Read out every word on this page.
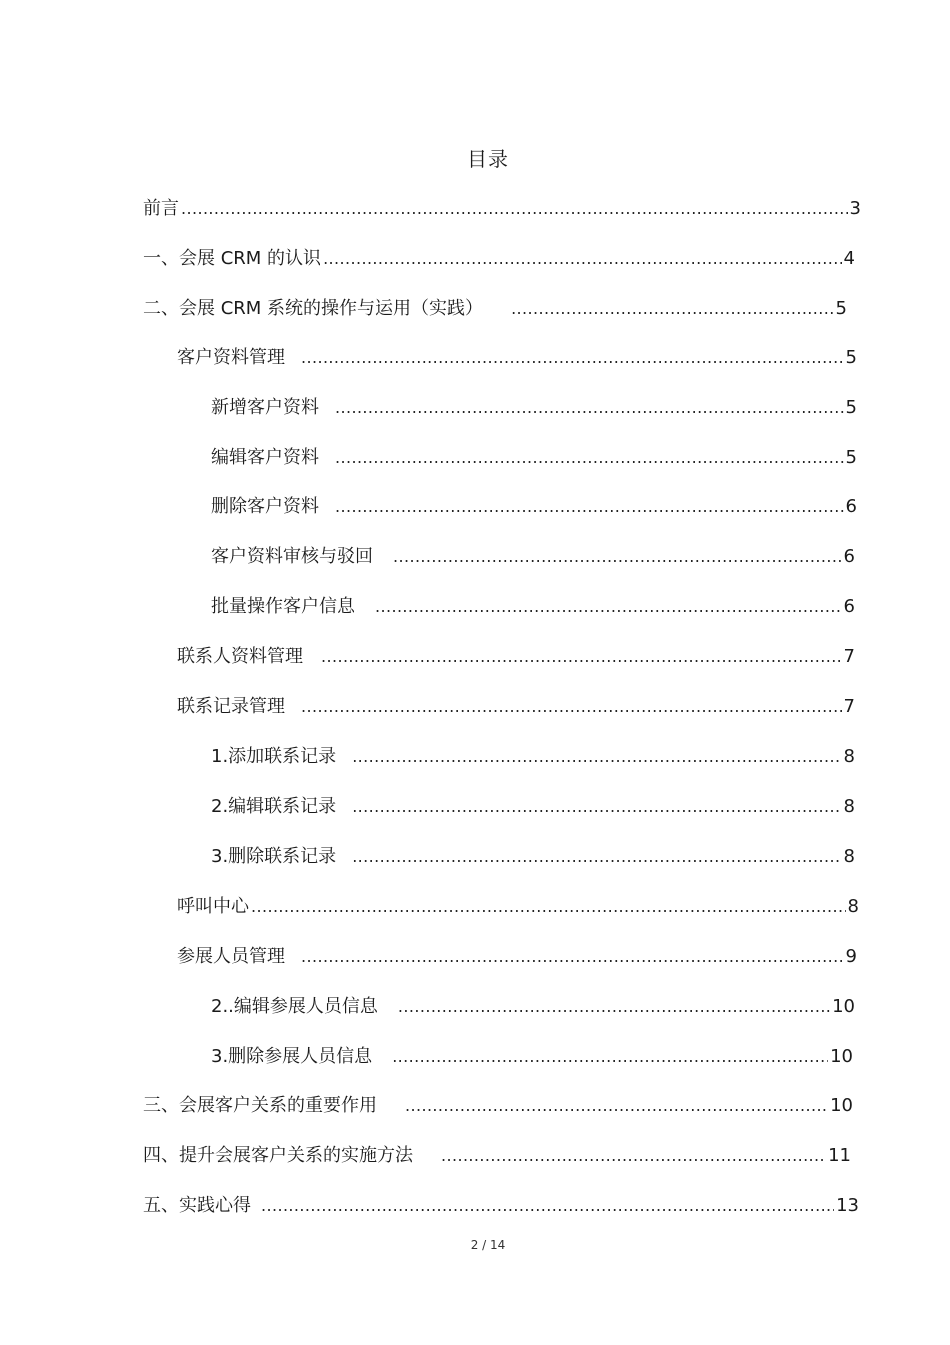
目录
前言 .....	3
一、会展 CRM 的认识 .....	4
二、会展 CRM 系统的操作与运用（实践） .....	5
客户资料管理 .....	5
新增客户资料 .....	5
编辑客户资料 .....	5
删除客户资料 .....	6
客户资料审核与驳回 .....	6
批量操作客户信息 .....	6
联系人资料管理 .....	7
联系记录管理 .....	7
1.添加联系记录 .....	8
2.编辑联系记录 .....	8
3.删除联系记录 .....	8
呼叫中心 .....	8
参展人员管理 .....	9
2..编辑参展人员信息 .....	10
3.删除参展人员信息 .....	10
三、会展客户关系的重要作用 .....	10
四、提升会展客户关系的实施方法 .....	11
五、实践心得 .....	13
2 / 14
